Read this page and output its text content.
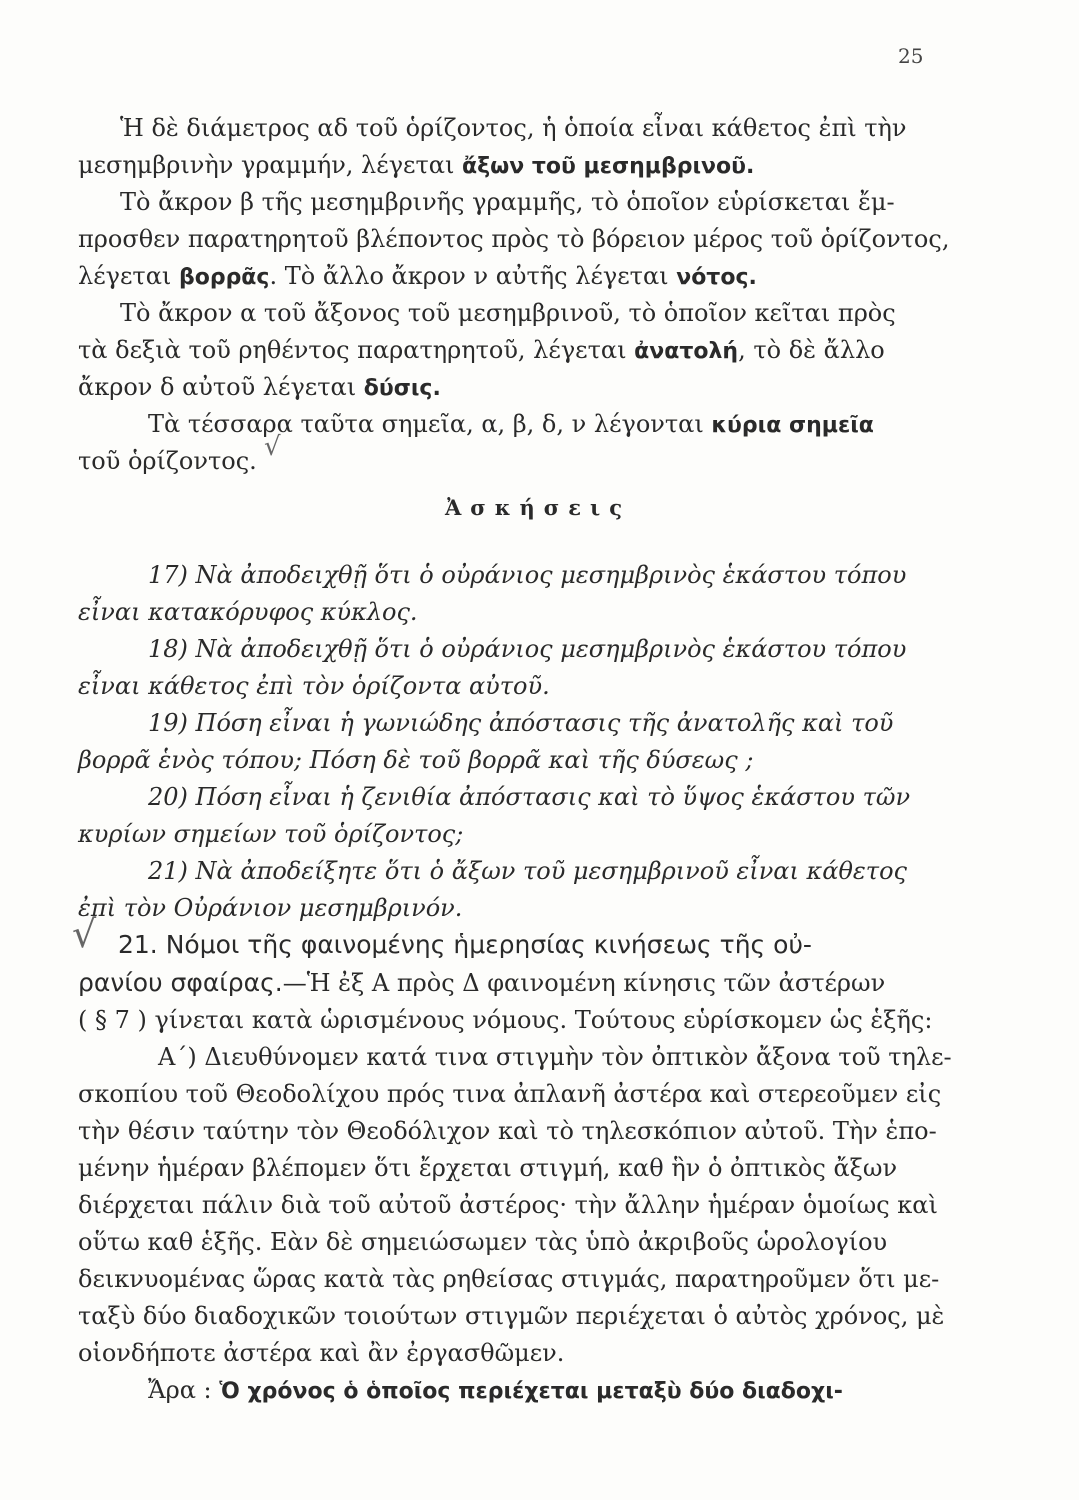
25
Ἡ δὲ διάμετρος αδ τοῦ ὁρίζοντος, ἡ ὁποία εἶναι κάθετος ἐπὶ τὴν
μεσημβρινὴν γραμμήν, λέγεται ἄξων τοῦ μεσημβρινοῦ.
Τὸ ἄκρον β τῆς μεσημβρινῆς γραμμῆς, τὸ ὁποῖον εὑρίσκεται ἔμ-
προσθεν παρατηρητοῦ βλέποντος πρὸς τὸ βόρειον μέρος τοῦ ὁρίζοντος,
λέγεται βορρᾶς. Τὸ ἄλλο ἄκρον ν αὐτῆς λέγεται νότος.
Τὸ ἄκρον α τοῦ ἄξονος τοῦ μεσημβρινοῦ, τὸ ὁποῖον κεῖται πρὸς
τὰ δεξιὰ τοῦ ρηθέντος παρατηρητοῦ, λέγεται ἀνατολή, τὸ δὲ ἄλλο
ἄκρον δ αὐτοῦ λέγεται δύσις.
Τὰ τέσσαρα ταῦτα σημεῖα, α, β, δ, ν λέγονται κύρια σημεῖα
τοῦ ὁρίζοντος. √
Ἀσκήσεις
17) Νὰ ἀποδειχθῇ ὅτι ὁ οὐράνιος μεσημβρινὸς ἑκάστου τόπου
εἶναι κατακόρυφος κύκλος.
18) Νὰ ἀποδειχθῇ ὅτι ὁ οὐράνιος μεσημβρινὸς ἑκάστου τόπου
εἶναι κάθετος ἐπὶ τὸν ὁρίζοντα αὐτοῦ.
19) Πόση εἶναι ἡ γωνιώδης ἀπόστασις τῆς ἀνατολῆς καὶ τοῦ
βορρᾶ ἑνὸς τόπου; Πόση δὲ τοῦ βορρᾶ καὶ τῆς δύσεως ;
20) Πόση εἶναι ἡ ζενιθία ἀπόστασις καὶ τὸ ὕψος ἑκάστου τῶν
κυρίων σημείων τοῦ ὁρίζοντος;
21) Νὰ ἀποδείξητε ὅτι ὁ ἄξων τοῦ μεσημβρινοῦ εἶναι κάθετος
ἐπὶ τὸν Οὐράνιον μεσημβρινόν.
√ 21. Νόμοι τῆς φαινομένης ἡμερησίας κινήσεως τῆς οὐ-
ρανίου σφαίρας.—Ἡ ἐξ Α πρὸς Δ φαινομένη κίνησις τῶν ἀστέρων
( § 7 ) γίνεται κατὰ ὡρισμένους νόμους. Τούτους εὑρίσκομεν ὡς ἑξῆς:
Α΄) Διευθύνομεν κατά τινα στιγμὴν τὸν ὀπτικὸν ἄξονα τοῦ τηλε-
σκοπίου τοῦ Θεοδολίχου πρός τινα ἀπλανῆ ἀστέρα καὶ στερεοῦμεν εἰς
τὴν θέσιν ταύτην τὸν Θεοδόλιχον καὶ τὸ τηλεσκόπιον αὐτοῦ. Τὴν ἑπο-
μένην ἡμέραν βλέπομεν ὅτι ἔρχεται στιγμή, καθ ἣν ὁ ὀπτικὸς ἄξων
διέρχεται πάλιν διὰ τοῦ αὐτοῦ ἀστέρος· τὴν ἄλλην ἡμέραν ὁμοίως καὶ
οὕτω καθ ἑξῆς. Εὰν δὲ σημειώσωμεν τὰς ὑπὸ ἀκριβοῦς ὡρολογίου
δεικνυομένας ὥρας κατὰ τὰς ρηθείσας στιγμάς, παρατηροῦμεν ὅτι με-
ταξὺ δύο διαδοχικῶν τοιούτων στιγμῶν περιέχεται ὁ αὐτὸς χρόνος, μὲ
οἱονδήποτε ἀστέρα καὶ ἂν ἐργασθῶμεν.
Ἄρα : Ὁ χρόνος ὁ ὁποῖος περιέχεται μεταξὺ δύο διαδοχι-
